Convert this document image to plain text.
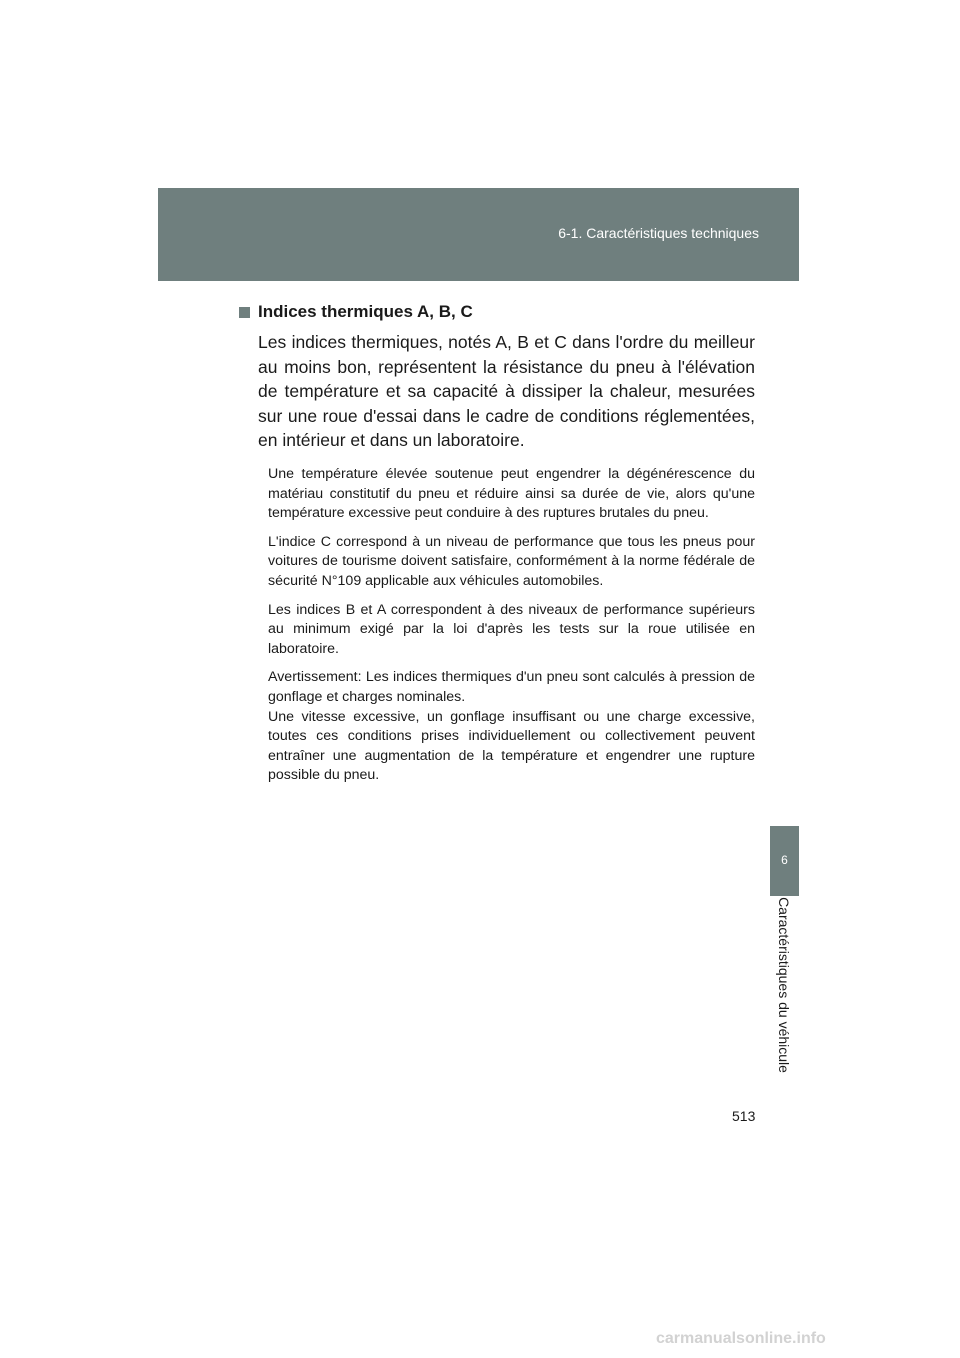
6-1. Caractéristiques techniques
6
Caractéristiques du véhicule
Indices thermiques A, B, C

Les indices thermiques, notés A, B et C dans l'ordre du meilleur au moins bon, représentent la résistance du pneu à l'élévation de température et sa capacité à dissiper la chaleur, mesurées sur une roue d'essai dans le cadre de conditions réglementées, en intérieur et dans un laboratoire.

Une température élevée soutenue peut engendrer la dégénérescence du matériau constitutif du pneu et réduire ainsi sa durée de vie, alors qu'une température excessive peut conduire à des ruptures brutales du pneu.

L'indice C correspond à un niveau de performance que tous les pneus pour voitures de tourisme doivent satisfaire, conformément à la norme fédérale de sécurité N°109 applicable aux véhicules automobiles.

Les indices B et A correspondent à des niveaux de performance supérieurs au minimum exigé par la loi d'après les tests sur la roue utilisée en laboratoire.

Avertissement: Les indices thermiques d'un pneu sont calculés à pression de gonflage et charges nominales.
Une vitesse excessive, un gonflage insuffisant ou une charge excessive, toutes ces conditions prises individuellement ou collectivement peuvent entraîner une augmentation de la température et engendrer une rupture possible du pneu.

513
carmanualsonline.info
